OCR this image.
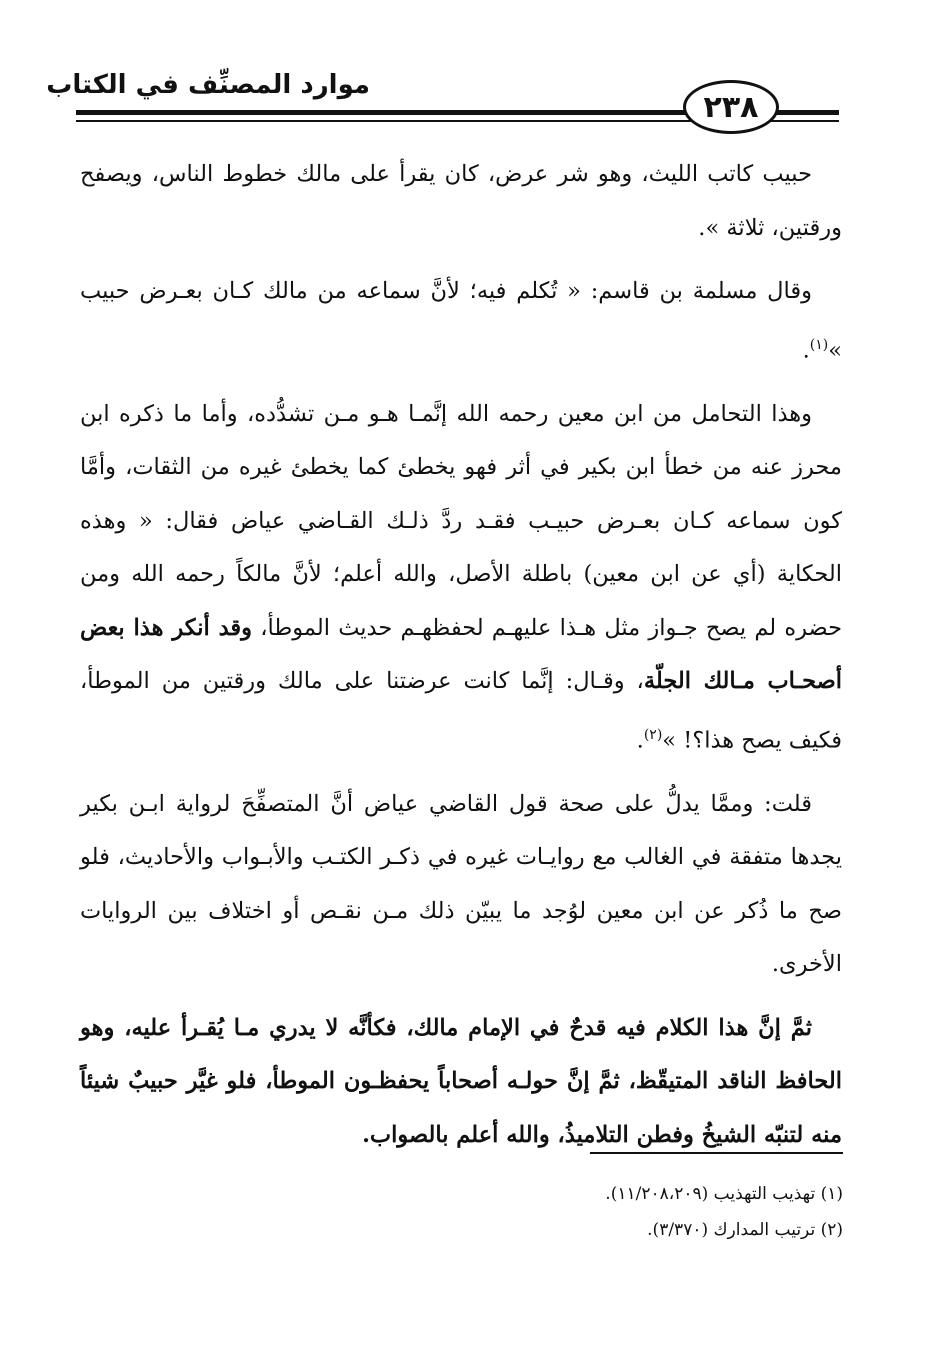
موارد المصنِّف في الكتاب
٢٣٨

حبيب كاتب الليث، وهو شر عرض، كان يقرأ على مالك خطوط الناس، ويصفح ورقتين، ثلاثة ».

وقال مسلمة بن قاسم: « تُكلم فيه؛ لأنَّ سماعه من مالك كـان بعـرض حبيب »$^{(١)}$.

وهذا التحامل من ابن معين رحمه الله إنَّمـا هـو مـن تشدُّده، وأما ما ذكره ابن محرز عنه من خطأ ابن بكير في أثر فهو يخطئ كما يخطئ غيره من الثقات، وأمَّا كون سماعه كـان بعـرض حبيـب فقـد ردَّ ذلـك القـاضي عياض فقال: « وهذه الحكاية (أي عن ابن معين) باطلة الأصل، والله أعلم؛ لأنَّ مالكاً رحمه الله ومن حضره لم يصح جـواز مثل هـذا عليهـم لحفظهـم حديث الموطأ، وقد أنكر هذا بعض أصحـاب مـالك الجلّة، وقـال: إنَّما كانت عرضتنا على مالك ورقتين من الموطأ، فكيف يصح هذا؟! »$^{(٢)}$.

قلت: وممَّا يدلُّ على صحة قول القاضي عياض أنَّ المتصفِّحَ لرواية ابـن بكير يجدها متفقة في الغالب مع روايـات غيره في ذكـر الكتـب والأبـواب والأحاديث، فلو صح ما ذُكر عن ابن معين لوُجد ما يبيّن ذلك مـن نقـص أو اختلاف بين الروايات الأخرى.

ثمَّ إنَّ هذا الكلام فيه قدحٌ في الإمام مالك، فكأنَّه لا يدري مـا يُقـرأ عليه، وهو الحافظ الناقد المتيقّظ، ثمَّ إنَّ حولـه أصحاباً يحفظـون الموطأ، فلو غيَّر حبيبٌ شيئاً منه لتنبّه الشيخُ وفطن التلاميذُ، والله أعلم بالصواب.

(١) تهذيب التهذيب (١١/٢٠٨،٢٠٩).
(٢) ترتيب المدارك (٣/٣٧٠).
